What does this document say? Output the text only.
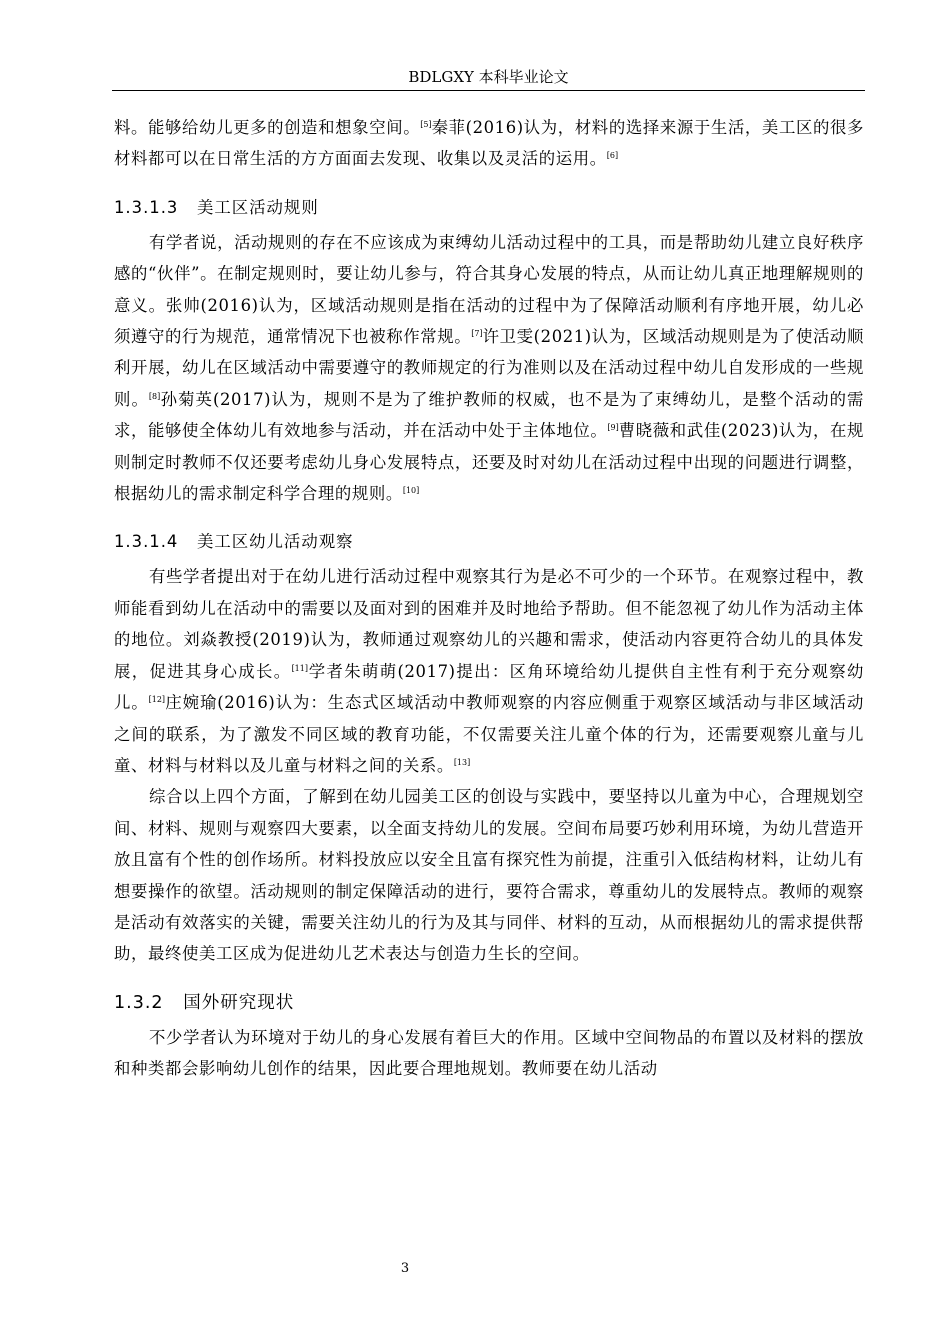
BDLGXY 本科毕业论文

料。能够给幼儿更多的创造和想象空间。[5]秦菲(2016)认为，材料的选择来源于生活，美工区的很多材料都可以在日常生活的方方面面去发现、收集以及灵活的运用。[6]

1.3.1.3 美工区活动规则

有学者说，活动规则的存在不应该成为束缚幼儿活动过程中的工具，而是帮助幼儿建立良好秩序感的“伙伴”。在制定规则时，要让幼儿参与，符合其身心发展的特点，从而让幼儿真正地理解规则的意义。张帅(2016)认为，区域活动规则是指在活动的过程中为了保障活动顺利有序地开展，幼儿必须遵守的行为规范，通常情况下也被称作常规。[7]许卫雯(2021)认为，区域活动规则是为了使活动顺利开展，幼儿在区域活动中需要遵守的教师规定的行为准则以及在活动过程中幼儿自发形成的一些规则。[8]孙菊英(2017)认为，规则不是为了维护教师的权威，也不是为了束缚幼儿，是整个活动的需求，能够使全体幼儿有效地参与活动，并在活动中处于主体地位。[9]曹晓薇和武佳(2023)认为，在规则制定时教师不仅还要考虑幼儿身心发展特点，还要及时对幼儿在活动过程中出现的问题进行调整，根据幼儿的需求制定科学合理的规则。[10]

1.3.1.4 美工区幼儿活动观察

有些学者提出对于在幼儿进行活动过程中观察其行为是必不可少的一个环节。在观察过程中，教师能看到幼儿在活动中的需要以及面对到的困难并及时地给予帮助。但不能忽视了幼儿作为活动主体的地位。刘焱教授(2019)认为，教师通过观察幼儿的兴趣和需求，使活动内容更符合幼儿的具体发展，促进其身心成长。[11]学者朱萌萌(2017)提出：区角环境给幼儿提供自主性有利于充分观察幼儿。[12]庄婉瑜(2016)认为：生态式区域活动中教师观察的内容应侧重于观察区域活动与非区域活动之间的联系，为了激发不同区域的教育功能，不仅需要关注儿童个体的行为，还需要观察儿童与儿童、材料与材料以及儿童与材料之间的关系。[13]

综合以上四个方面，了解到在幼儿园美工区的创设与实践中，要坚持以儿童为中心，合理规划空间、材料、规则与观察四大要素，以全面支持幼儿的发展。空间布局要巧妙利用环境，为幼儿营造开放且富有个性的创作场所。材料投放应以安全且富有探究性为前提，注重引入低结构材料，让幼儿有想要操作的欲望。活动规则的制定保障活动的进行，要符合需求，尊重幼儿的发展特点。教师的观察是活动有效落实的关键，需要关注幼儿的行为及其与同伴、材料的互动，从而根据幼儿的需求提供帮助，最终使美工区成为促进幼儿艺术表达与创造力生长的空间。

1.3.2 国外研究现状

不少学者认为环境对于幼儿的身心发展有着巨大的作用。区域中空间物品的布置以及材料的摆放和种类都会影响幼儿创作的结果，因此要合理地规划。教师要在幼儿活动

3
